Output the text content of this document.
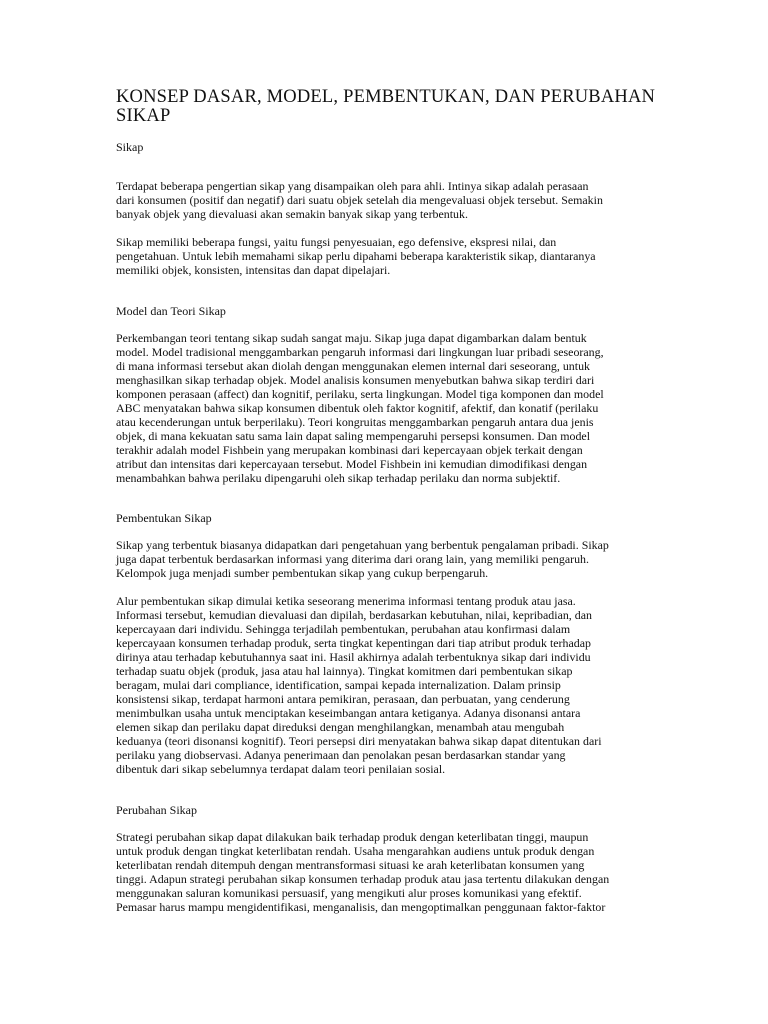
KONSEP DASAR, MODEL, PEMBENTUKAN, DAN PERUBAHAN
SIKAP

Sikap

Terdapat beberapa pengertian sikap yang disampaikan oleh para ahli. Intinya sikap adalah perasaan
dari konsumen (positif dan negatif) dari suatu objek setelah dia mengevaluasi objek tersebut. Semakin
banyak objek yang dievaluasi akan semakin banyak sikap yang terbentuk.

Sikap memiliki beberapa fungsi, yaitu fungsi penyesuaian, ego defensive, ekspresi nilai, dan
pengetahuan. Untuk lebih memahami sikap perlu dipahami beberapa karakteristik sikap, diantaranya
memiliki objek, konsisten, intensitas dan dapat dipelajari.

Model dan Teori Sikap

Perkembangan teori tentang sikap sudah sangat maju. Sikap juga dapat digambarkan dalam bentuk
model. Model tradisional menggambarkan pengaruh informasi dari lingkungan luar pribadi seseorang,
di mana informasi tersebut akan diolah dengan menggunakan elemen internal dari seseorang, untuk
menghasilkan sikap terhadap objek. Model analisis konsumen menyebutkan bahwa sikap terdiri dari
komponen perasaan (affect) dan kognitif, perilaku, serta lingkungan. Model tiga komponen dan model
ABC menyatakan bahwa sikap konsumen dibentuk oleh faktor kognitif, afektif, dan konatif (perilaku
atau kecenderungan untuk berperilaku). Teori kongruitas menggambarkan pengaruh antara dua jenis
objek, di mana kekuatan satu sama lain dapat saling mempengaruhi persepsi konsumen. Dan model
terakhir adalah model Fishbein yang merupakan kombinasi dari kepercayaan objek terkait dengan
atribut dan intensitas dari kepercayaan tersebut. Model Fishbein ini kemudian dimodifikasi dengan
menambahkan bahwa perilaku dipengaruhi oleh sikap terhadap perilaku dan norma subjektif.

Pembentukan Sikap

Sikap yang terbentuk biasanya didapatkan dari pengetahuan yang berbentuk pengalaman pribadi. Sikap
juga dapat terbentuk berdasarkan informasi yang diterima dari orang lain, yang memiliki pengaruh.
Kelompok juga menjadi sumber pembentukan sikap yang cukup berpengaruh.

Alur pembentukan sikap dimulai ketika seseorang menerima informasi tentang produk atau jasa.
Informasi tersebut, kemudian dievaluasi dan dipilah, berdasarkan kebutuhan, nilai, kepribadian, dan
kepercayaan dari individu. Sehingga terjadilah pembentukan, perubahan atau konfirmasi dalam
kepercayaan konsumen terhadap produk, serta tingkat kepentingan dari tiap atribut produk terhadap
dirinya atau terhadap kebutuhannya saat ini. Hasil akhirnya adalah terbentuknya sikap dari individu
terhadap suatu objek (produk, jasa atau hal lainnya). Tingkat komitmen dari pembentukan sikap
beragam, mulai dari compliance, identification, sampai kepada internalization. Dalam prinsip
konsistensi sikap, terdapat harmoni antara pemikiran, perasaan, dan perbuatan, yang cenderung
menimbulkan usaha untuk menciptakan keseimbangan antara ketiganya. Adanya disonansi antara
elemen sikap dan perilaku dapat direduksi dengan menghilangkan, menambah atau mengubah
keduanya (teori disonansi kognitif). Teori persepsi diri menyatakan bahwa sikap dapat ditentukan dari
perilaku yang diobservasi. Adanya penerimaan dan penolakan pesan berdasarkan standar yang
dibentuk dari sikap sebelumnya terdapat dalam teori penilaian sosial.

Perubahan Sikap

Strategi perubahan sikap dapat dilakukan baik terhadap produk dengan keterlibatan tinggi, maupun
untuk produk dengan tingkat keterlibatan rendah. Usaha mengarahkan audiens untuk produk dengan
keterlibatan rendah ditempuh dengan mentransformasi situasi ke arah keterlibatan konsumen yang
tinggi. Adapun strategi perubahan sikap konsumen terhadap produk atau jasa tertentu dilakukan dengan
menggunakan saluran komunikasi persuasif, yang mengikuti alur proses komunikasi yang efektif.
Pemasar harus mampu mengidentifikasi, menganalisis, dan mengoptimalkan penggunaan faktor-faktor
